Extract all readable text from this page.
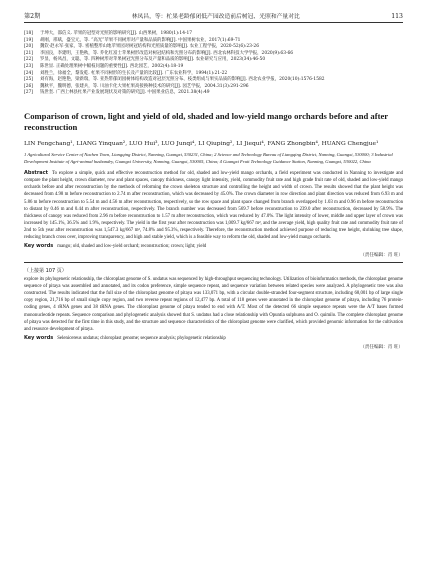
第2期	林凤昌，等：杧果老龄郁闭低产园改造前后树冠、光照和产量对比	113
[18]	于坤大，邵信义. 苹果的冠型对光照的影响研究[J]. 山西果树，1980(1):14-17
[19]	胡刚，邢斌，盛宝元，等. “高光”苹果不同树形对产量和品质的影响[J]. 中国果树农业，2017(1):69-71
[20]	魏钦·赵永军·张家，等. 密植整形山地苹果园对树冠结构和光照质量的影响[J]. 农业工程学报，2020-52(6):23-26
[21]	李国良，李建明，王艳秋，等. 乔化红富士苹果树形改造对树冠结构和光照分布的影响[J]. 西北农林科技大学学报，2020(9):63-66
[22]	罗显，杨凤昌，文聪，等. 四种树形对苹果树冠光照分布及产量和品质的影响[J]. 农业研究与应用，2023(34):46-50
[23]	陈世显. 正确处理果树中幅枝问题的重要性[J]. 西北园艺，2002(4):18-19
[24]	刘胜兰，徐福全，黎发乾. 杧果不同树形的生长及产量的比较[J]. 广东农业科学，1994(1):21-22
[25]	刘有海，赵艳艳，梁新瑞，等. 亚热带郁闭园树体结构改造对冠层光照分布、枝类组成与果实品质的影响[J]. 西北农业学报，2020(10):1576-1582
[26]	魏秋平，魏明德，张建兵，等. 川油卡化大果杧果高接换种技术的研究[J]. 园艺学报，2004.31(3):291-296
[27]	钱世奎. 广西上林县杧果产业发展现状及对策的研究[J]. 中国果业信息，2021.38(4):49
Comparison of crown, light and yield of old, shaded and low-yield mango orchards before and after reconstruction
LIN Fengchang¹, LIANG Yinquan², LUO Hui³, LUO Junqi⁴, LI Qiuping², LI Jiequi⁴, FANG Zhongbin⁴, HUANG Chengjue¹
1 Agricultural Service Center of Nachen Town, Liangqing District, Nanning, Guangxi, 530231, China; 2 Science and Technology Bureau of Liangqing District, Nanning, Guangxi, 530000; 3 Industrial Development Institute of Agri-animal husbandry, Guangxi University, Nanning, Guangxi, 530005, China; 4 Guangxi Fruit Technology Guidance Station, Nanning, Guangxi, 530022, China
Abstract To explore a simple, quick and effective reconstruction method for old, shaded and low-yield mango orchards, a field experiment was conducted in Nanning to investigate and compare the plant height, crown diameter, row and plant spaces, canopy thickness, canopy light intensity, yield, commodity fruit rate and high grade fruit rate of old, shaded and low-yield mango orchards before and after reconstruction by the methods of reforming the crown skeleton structure and controlling the height and width of crown. The results showed that the plant height was decreased from 4.98 m before reconstruction to 2.74 m after reconstruction, which was decreased by 45.0%. The crown diameter in row direction and plant direction was reduced from 6.93 m and 5.86 m before reconstruction to 5.54 m and 4.56 m after reconstruction, respectively, so the row space and plant space changed from branch overlapped by 1.03 m and 0.96 m before reconstruction to distant by 0.46 m and 0.44 m after reconstruction, respectively. The branch number was decreased from 569.7 before reconstruction to 239.0 after reconstruction, decreased by 58.9%. The thickness of canopy was reduced from 2.96 m before reconstruction to 1.57 m after reconstruction, which was reduced by 47.0%. The light intensity of lower, middle and upper layer of crown was increased by 145.1%, 36.5% and 1.9%, respectively. The yield in the first year after reconstruction was 1,009.7 kg/667 m², and the average yield, high quality fruit rate and commodity fruit rate of 2nd to 5th year after reconstruction was 1,547.3 kg/667 m², 74.8% and 95.3%, respectively. Therefore, the reconstruction method achieved purpose of reducing tree height, shrinking tree shape, reducing branch cross over, improving transparency, and high and stable yield, which is a feasible way to reform the old, shaded and low-yield mango orchards.
Key words mango; old, shaded and low-yield orchard; reconstruction; crown; light; yield
（责任编辑：肖 旺）
（上接第 107 页）
explore its phylogenetic relationship, the chloroplast genome of S. undatus was sequenced by high-throughput sequencing technology. Utilization of bioinformatics methods, the chloroplast genome sequence of pitaya was assembled and annotated, and its codon preference, simple sequence repeat, and sequence variation between related species were analyzed. A phylogenetic tree was also constructed. The results indicated that the full size of the chloroplast genome of pitaya was 133,071 bp, with a circular double-stranded four-segment structure, including 68,001 bp of large single copy region, 21,716 bp of small single copy region, and two reverse repeat regions of 12,477 bp. A total of 118 genes were annotated in the chloroplast genome of pitaya, including 76 protein-coding genes, 4 rRNA genes and 38 tRNA genes. The chloroplast genome of pitaya tended to end with A/T. Most of the detected 66 simple sequence repeats were the A/T bases formed mononucleotide repeats. Sequence comparison and phylogenetic analysis showed that S. undatus had a close relationship with Opuntia sulphurea and O. quimilo. The complete chloroplast genome of pitaya was detected for the first time in this study, and the structure and sequence characteristics of the chloroplast genome were clarified, which provided genomic information for the cultivation and resource development of pitaya.
Key words Selenicereus undatus; chloroplast genome; sequence analysis; phylogenetic relationship
（责任编辑：肖 旺）
